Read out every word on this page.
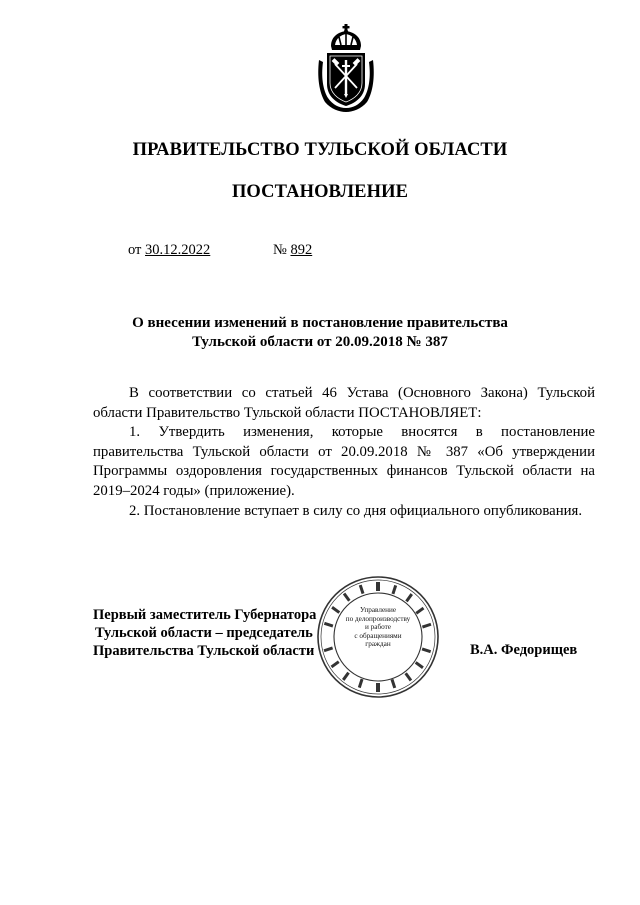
ПРАВИТЕЛЬСТВО ТУЛЬСКОЙ ОБЛАСТИ
ПОСТАНОВЛЕНИЕ
от 30.12.2022	№ 892
О внесении изменений в постановление правительства
Тульской области от 20.09.2018 № 387

В соответствии со статьей 46 Устава (Основного Закона) Тульской области Правительство Тульской области ПОСТАНОВЛЯЕТ:

1. Утвердить изменения, которые вносятся в постановление правительства Тульской области от 20.09.2018 № 387 «Об утверждении Программы оздоровления государственных финансов Тульской области на 2019–2024 годы» (приложение).

2. Постановление вступает в силу со дня официального опубликования.

Управление
по делопроизводству
и работе
с обращениями
граждан
Первый заместитель Губернатора
Тульской области – председатель
Правительства Тульской области	В.А. Федорищев
